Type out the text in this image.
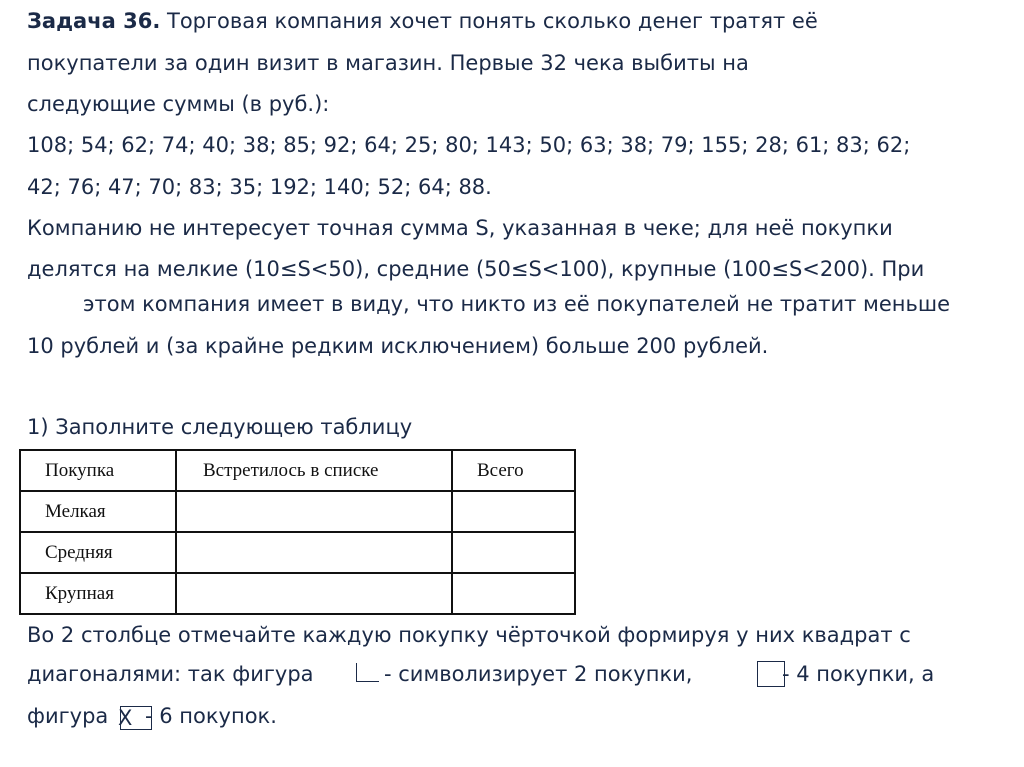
Задача 36. Торговая компания хочет понять сколько денег тратят её
покупатели за один визит в магазин. Первые 32 чека выбиты на
следующие суммы (в руб.):
108; 54; 62; 74; 40; 38; 85; 92; 64; 25; 80; 143; 50; 63; 38; 79; 155; 28; 61; 83; 62;
42; 76; 47; 70; 83; 35; 192; 140; 52; 64; 88.
Компанию не интересует точная сумма S, указанная в чеке; для неё покупки
делятся на мелкие (10≤S<50), средние (50≤S<100), крупные (100≤S<200). При
этом компания имеет в виду, что никто из её покупателей не тратит меньше
10 рублей и (за крайне редким исключением) больше 200 рублей.
1) Заполните следующею таблицу
Покупка	Встретилось в списке	Всего
Мелкая		
Средняя		
Крупная		
Во 2 столбце отмечайте каждую покупку чёрточкой формируя у них квадрат с
диагоналями: так фигура	- символизирует 2 покупки,	- 4 покупки, а
фигура X - 6 покупок.
